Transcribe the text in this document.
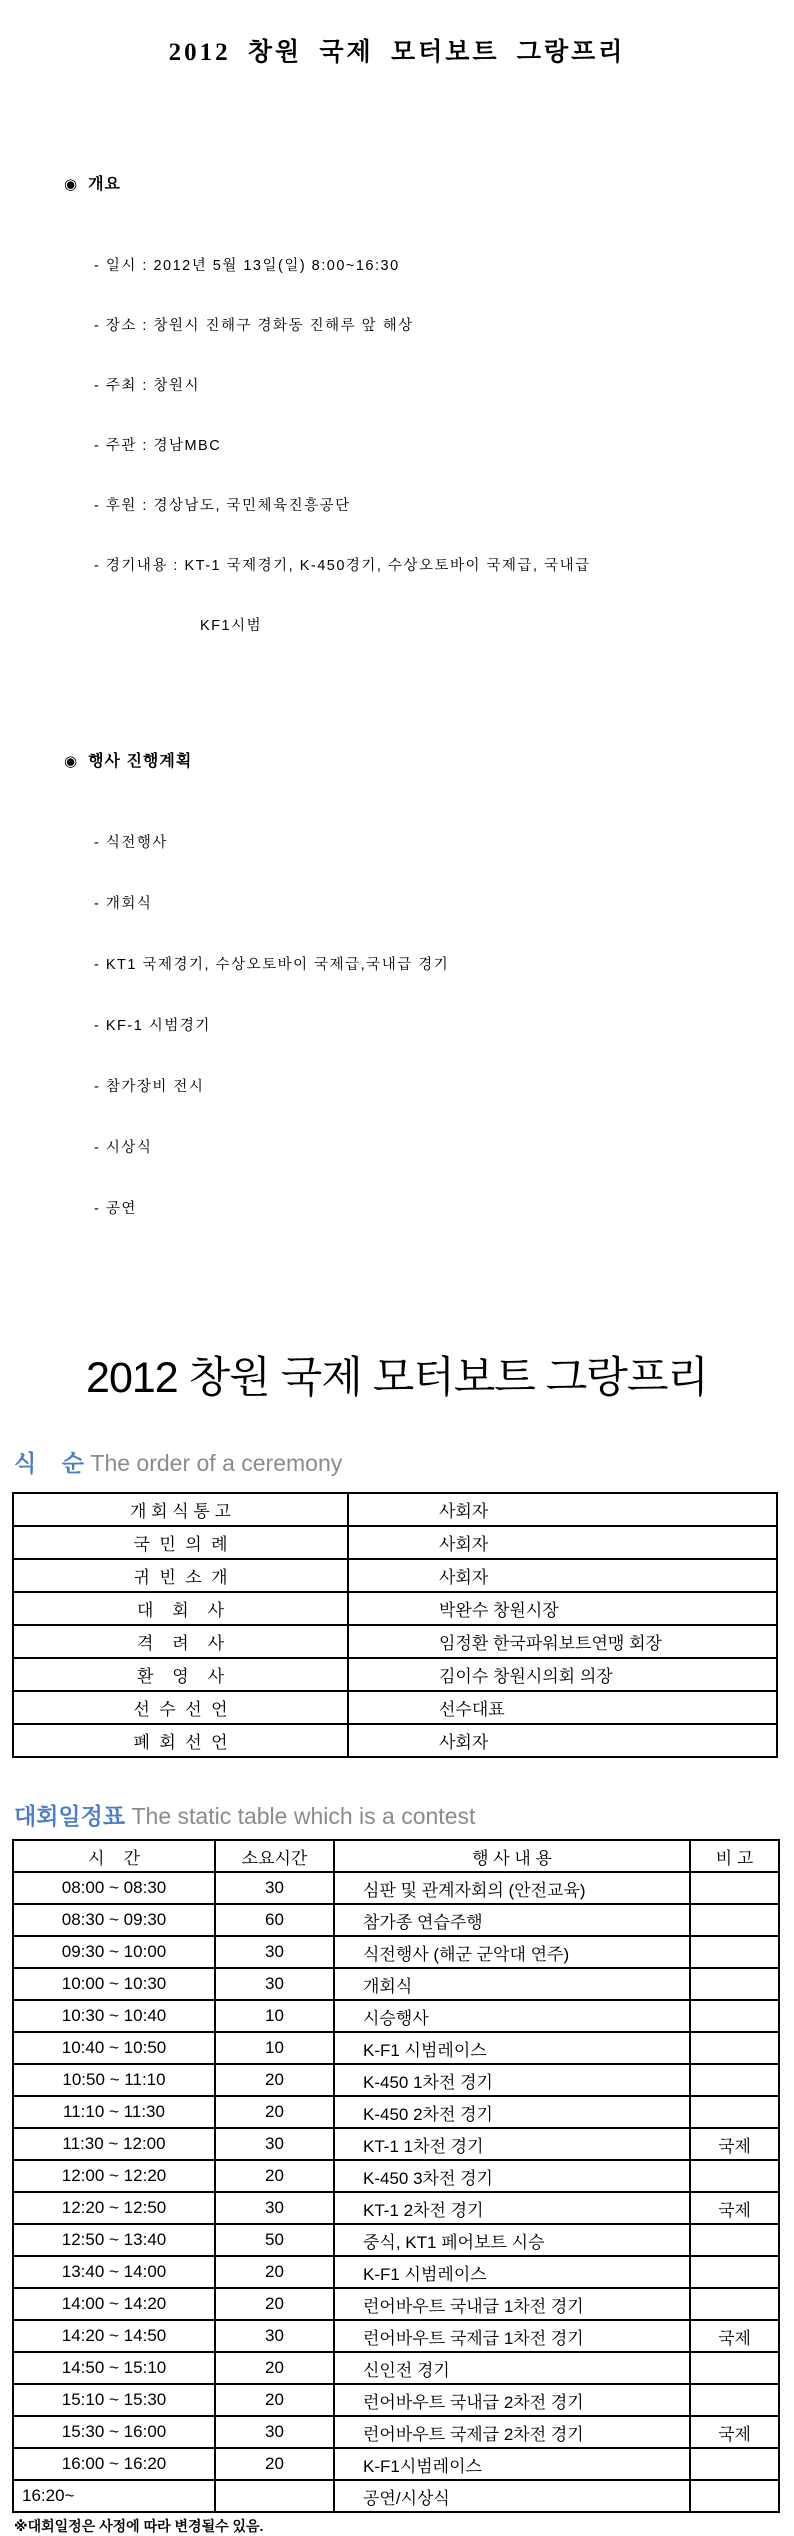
2012 창원 국제 모터보트 그랑프리
◉ 개요

- 일시 : 2012년 5월 13일(일) 8:00~16:30

- 장소 : 창원시 진해구 경화동 진해루 앞 해상

- 주최 : 창원시

- 주관 : 경남MBC

- 후원 : 경상남도, 국민체육진흥공단

- 경기내용 : KT-1 국제경기, K-450경기, 수상오토바이 국제급, 국내급

KF1시범
◉ 행사 진행계획

- 식전행사

- 개회식

- KT1 국제경기, 수상오토바이 국제급,국내급 경기

- KF-1 시범경기

- 참가장비 전시

- 시상식

- 공연

2012 창원 국제 모터보트 그랑프리
식    순 The order of a ceremony
개 회 식 통 고	사회자
국  민  의  례	사회자
귀  빈  소  개	사회자
대    회    사	박완수 창원시장
격    려    사	임정환 한국파워보트연맹 회장
환    영    사	김이수 창원시의회 의장
선  수  선  언	선수대표
폐  회  선  언	사회자
대회일정표 The static table which is a contest
시    간	소요시간	행 사 내 용	비 고
08:00 ~ 08:30	30	심판 및 관계자회의 (안전교육)	
08:30 ~ 09:30	60	참가종 연습주행	
09:30 ~ 10:00	30	식전행사 (해군 군악대 연주)	
10:00 ~ 10:30	30	개회식	
10:30 ~ 10:40	10	시승행사	
10:40 ~ 10:50	10	K-F1 시범레이스	
10:50 ~ 11:10	20	K-450 1차전 경기	
11:10 ~ 11:30	20	K-450 2차전 경기	
11:30 ~ 12:00	30	KT-1 1차전 경기	국제
12:00 ~ 12:20	20	K-450 3차전 경기	
12:20 ~ 12:50	30	KT-1 2차전 경기	국제
12:50 ~ 13:40	50	중식, KT1 페어보트 시승	
13:40 ~ 14:00	20	K-F1 시범레이스	
14:00 ~ 14:20	20	런어바우트 국내급 1차전 경기	
14:20 ~ 14:50	30	런어바우트 국제급 1차전 경기	국제
14:50 ~ 15:10	20	신인전 경기	
15:10 ~ 15:30	20	런어바우트 국내급 2차전 경기	
15:30 ~ 16:00	30	런어바우트 국제급 2차전 경기	국제
16:00 ~ 16:20	20	K-F1시범레이스	
16:20~		공연/시상식	
※대회일정은 사정에 따라 변경될수 있음.
